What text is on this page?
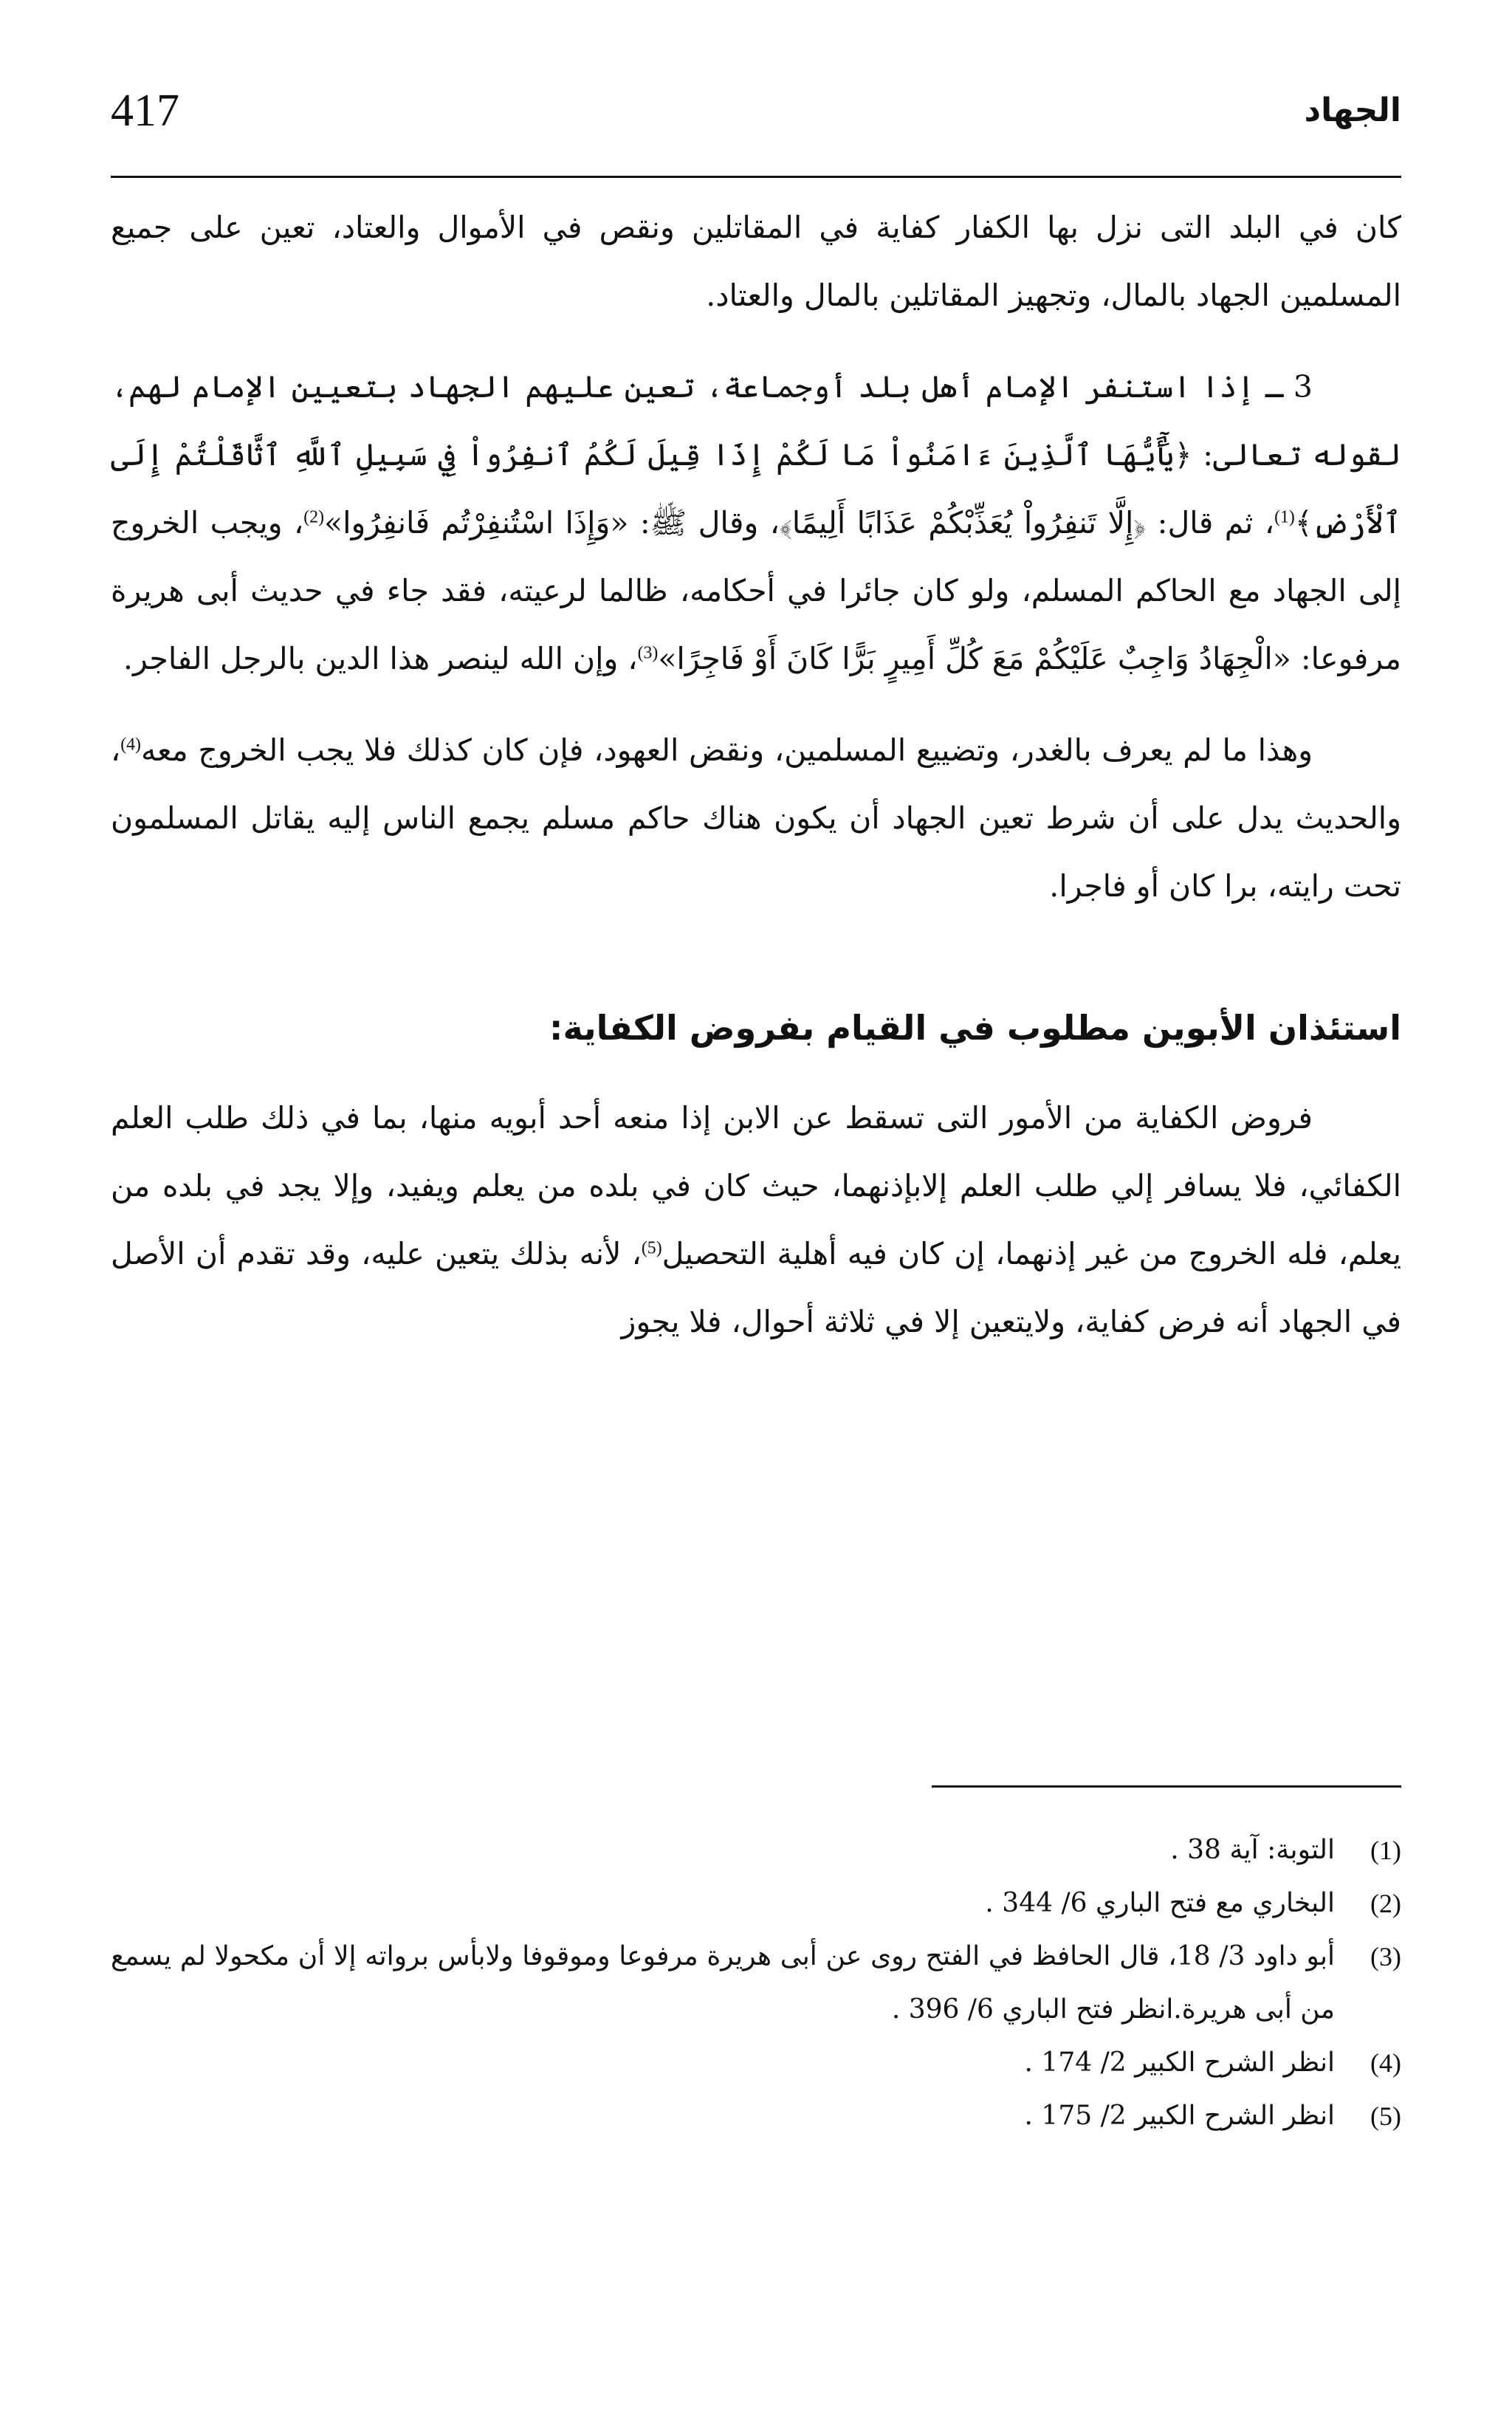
417	الجهاد

كان في البلد التى نزل بها الكفار كفاية في المقاتلين ونقص في الأموال والعتاد، تعين على جميع المسلمين الجهاد بالمال، وتجهيز المقاتلين بالمال والعتاد.

3 ـ إذا استنفر الإمام أهل بلد أوجماعة، تعين عليهم الجهاد بتعيين الإمام لهم، لقوله تعالى: ﴿يَٰٓأَيُّهَا ٱلَّذِينَ ءَامَنُواْ مَا لَكُمْ إِذَا قِيلَ لَكُمُ ٱنفِرُواْ فِي سَبِيلِ ٱللَّهِ ٱثَّاقَلْتُمْ إِلَى ٱلْأَرْضِ﴾$^{(1)}$، ثم قال: ﴿إِلَّا تَنفِرُواْ يُعَذِّبْكُمْ عَذَابًا أَلِيمًا﴾، وقال ﷺ: «وَإِذَا اسْتُنفِرْتُم فَانفِرُوا»$^{(2)}$، ويجب الخروج إلى الجهاد مع الحاكم المسلم، ولو كان جائرا في أحكامه، ظالما لرعيته، فقد جاء في حديث أبى هريرة مرفوعا: «الْجِهَادُ وَاجِبٌ عَلَيْكُمْ مَعَ كُلِّ أَمِيرٍ بَرًّا كَانَ أَوْ فَاجِرًا»$^{(3)}$، وإن الله لينصر هذا الدين بالرجل الفاجر.

وهذا ما لم يعرف بالغدر، وتضييع المسلمين، ونقض العهود، فإن كان كذلك فلا يجب الخروج معه$^{(4)}$، والحديث يدل على أن شرط تعين الجهاد أن يكون هناك حاكم مسلم يجمع الناس إليه يقاتل المسلمون تحت رايته، برا كان أو فاجرا.

استئذان الأبوين مطلوب في القيام بفروض الكفاية:

فروض الكفاية من الأمور التى تسقط عن الابن إذا منعه أحد أبويه منها، بما في ذلك طلب العلم الكفائي، فلا يسافر إلي طلب العلم إلابإذنهما، حيث كان في بلده من يعلم ويفيد، وإلا يجد في بلده من يعلم، فله الخروج من غير إذنهما، إن كان فيه أهلية التحصيل$^{(5)}$، لأنه بذلك يتعين عليه، وقد تقدم أن الأصل في الجهاد أنه فرض كفاية، ولايتعين إلا في ثلاثة أحوال، فلا يجوز

(1)
التوبة: آية 38 .
(2)
البخاري مع فتح الباري 6/ 344 .
(3)
أبو داود 3/ 18، قال الحافظ في الفتح روى عن أبى هريرة مرفوعا وموقوفا ولابأس برواته إلا أن مكحولا لم يسمع من أبى هريرة.انظر فتح الباري 6/ 396 .
(4)
انظر الشرح الكبير 2/ 174 .
(5)
انظر الشرح الكبير 2/ 175 .
